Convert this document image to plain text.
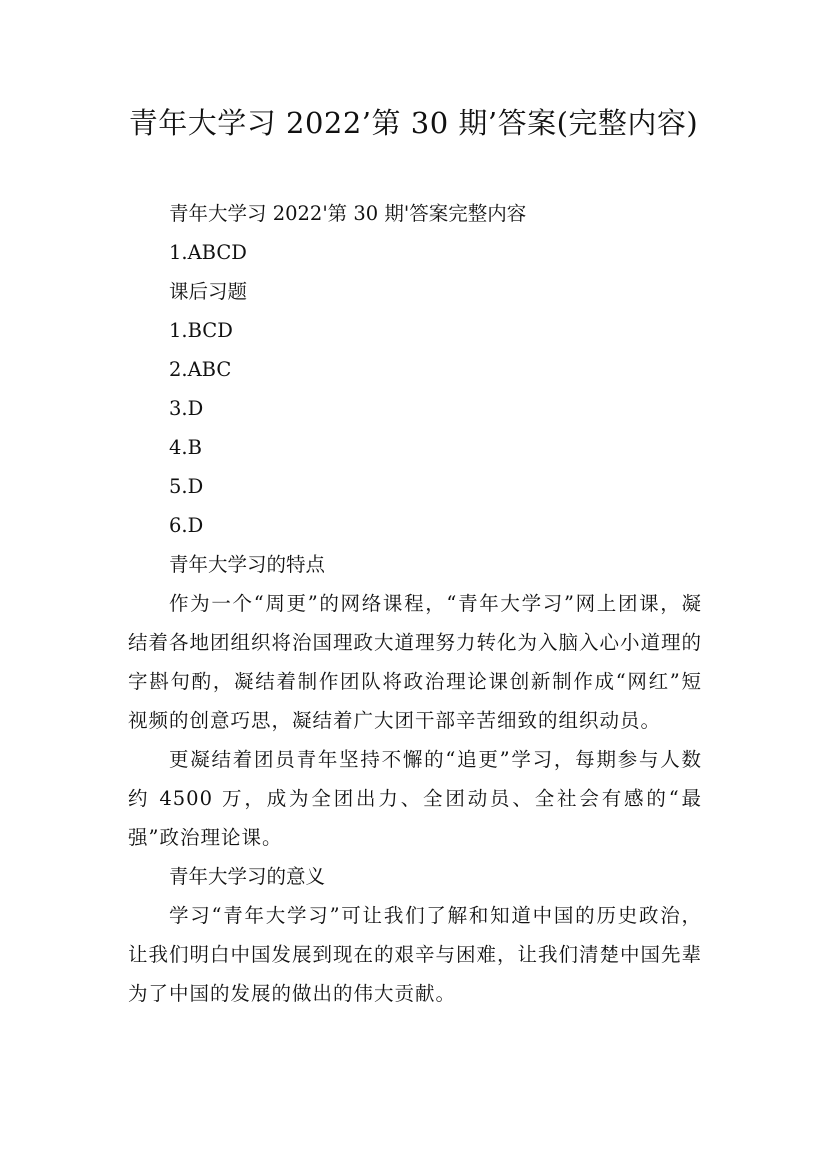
青年大学习 2022’第 30 期’答案(完整内容)
青年大学习 2022'第 30 期'答案完整内容
1.ABCD
课后习题
1.BCD
2.ABC
3.D
4.B
5.D
6.D
青年大学习的特点

作为一个“周更”的网络课程，“青年大学习”网上团课，凝结着各地团组织将治国理政大道理努力转化为入脑入心小道理的字斟句酌，凝结着制作团队将政治理论课创新制作成“网红”短视频的创意巧思，凝结着广大团干部辛苦细致的组织动员。

更凝结着团员青年坚持不懈的“追更”学习，每期参与人数约 4500 万，成为全团出力、全团动员、全社会有感的“最强”政治理论课。

青年大学习的意义

学习“青年大学习”可让我们了解和知道中国的历史政治，让我们明白中国发展到现在的艰辛与困难，让我们清楚中国先辈为了中国的发展的做出的伟大贡献。
